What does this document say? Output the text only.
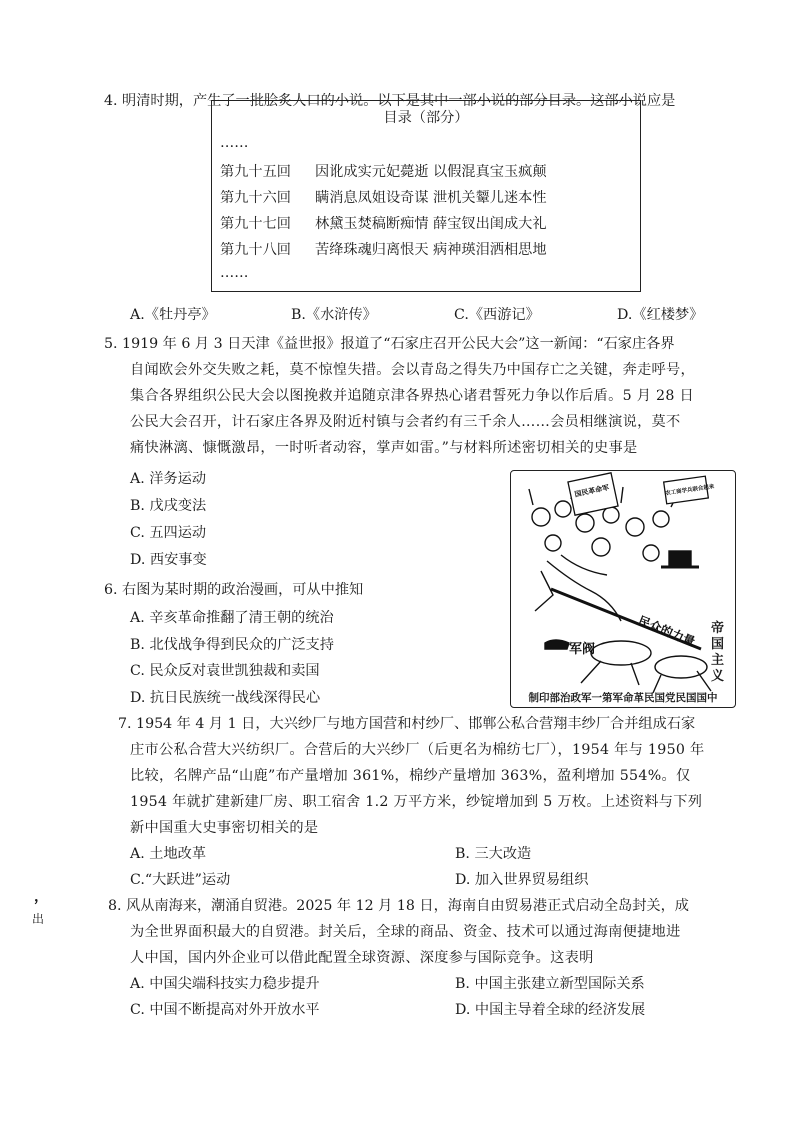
4. 明清时期，产生了一批脍炙人口的小说。以下是其中一部小说的部分目录。这部小说应是
目录（部分）
……
第九十五回 因讹成实元妃薨逝 以假混真宝玉疯颠
第九十六回 瞒消息凤姐设奇谋 泄机关颦儿迷本性
第九十七回 林黛玉焚稿断痴情 薛宝钗出闺成大礼
第九十八回 苦绛珠魂归离恨天 病神瑛泪洒相思地
……
A.《牡丹亭》	B.《水浒传》	C.《西游记》	D.《红楼梦》
5. 1919 年 6 月 3 日天津《益世报》报道了“石家庄召开公民大会”这一新闻：“石家庄各界
自闻欧会外交失败之耗，莫不惊惶失措。会以青岛之得失乃中国存亡之关键，奔走呼号，
集合各界组织公民大会以图挽救并追随京津各界热心诸君誓死力争以作后盾。5 月 28 日
公民大会召开，计石家庄各界及附近村镇与会者约有三千余人……会员相继演说，莫不
痛快淋漓、慷慨激昂，一时听者动容，掌声如雷。”与材料所述密切相关的史事是
A. 洋务运动
B. 戊戌变法
C. 五四运动
D. 西安事变
国民革命军	农工商学兵联合起来
民众的力量
军阀
帝国主义
制印部治政军一第军命革民国党民国国中
6. 右图为某时期的政治漫画，可从中推知
A. 辛亥革命推翻了清王朝的统治
B. 北伐战争得到民众的广泛支持
C. 民众反对袁世凯独裁和卖国
D. 抗日民族统一战线深得民心
7. 1954 年 4 月 1 日，大兴纱厂与地方国营和村纱厂、邯郸公私合营翔丰纱厂合并组成石家
庄市公私合营大兴纺织厂。合营后的大兴纱厂（后更名为棉纺七厂），1954 年与 1950 年
比较，名牌产品“山鹿”布产量增加 361%，棉纱产量增加 363%，盈利增加 554%。仅
1954 年就扩建新建厂房、职工宿舍 1.2 万平方米，纱锭增加到 5 万枚。上述资料与下列
新中国重大史事密切相关的是
A. 土地改革	B. 三大改造
C.“大跃进”运动	D. 加入世界贸易组织
，
出
8. 风从南海来，潮涌自贸港。2025 年 12 月 18 日，海南自由贸易港正式启动全岛封关，成
为全世界面积最大的自贸港。封关后，全球的商品、资金、技术可以通过海南便捷地进
人中国，国内外企业可以借此配置全球资源、深度参与国际竞争。这表明
A. 中国尖端科技实力稳步提升	B. 中国主张建立新型国际关系
C. 中国不断提高对外开放水平	D. 中国主导着全球的经济发展
